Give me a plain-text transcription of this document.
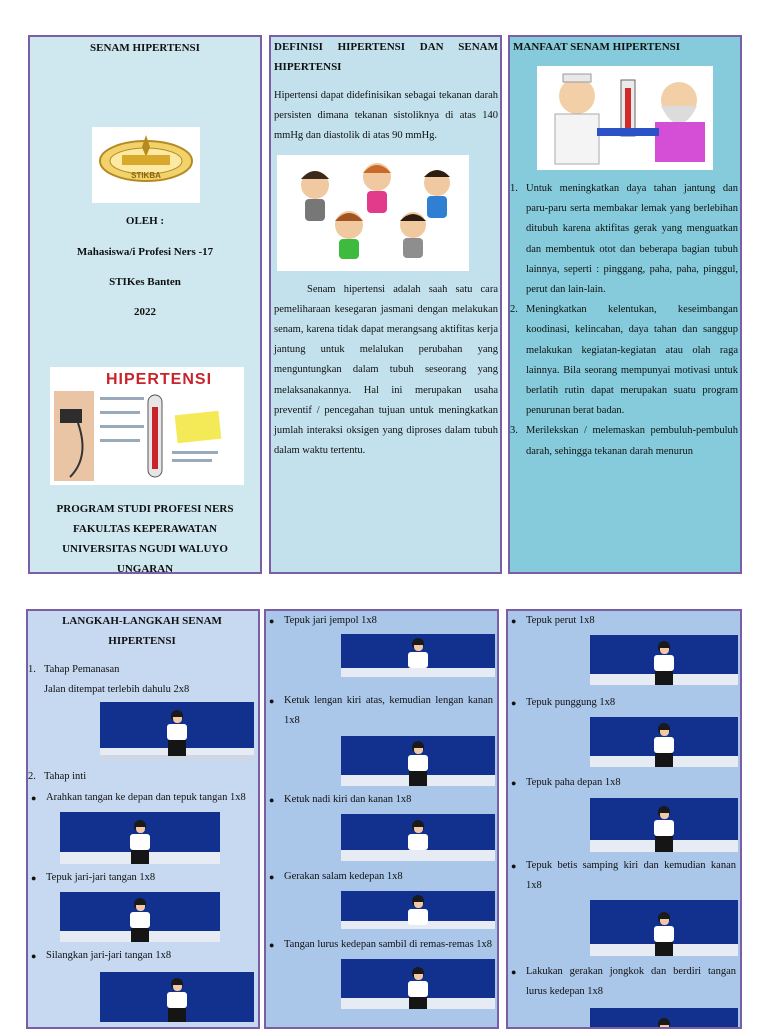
SENAM HIPERTENSI
STIKBA
OLEH :
Mahasiswa/i Profesi Ners -17
STIKes Banten
2022
HIPERTENSI
PROGRAM STUDI PROFESI NERS
FAKULTAS KEPERAWATAN
UNIVERSITAS NGUDI WALUYO
UNGARAN
DEFINISI HIPERTENSI DAN SENAM HIPERTENSI

Hipertensi dapat didefinisikan sebagai tekanan darah persisten dimana tekanan sistoliknya di atas 140 mmHg dan diastolik di atas 90 mmHg.

Senam hipertensi adalah saah satu cara pemeliharaan kesegaran jasmani dengan melakukan senam, karena tidak dapat merangsang aktifitas kerja jantung untuk melalukan perubahan yang menguntungkan dalam tubuh seseorang yang melaksanakannya. Hal ini merupakan usaha preventif / pencegahan tujuan untuk meningkatkan jumlah interaksi oksigen yang diproses dalam tubuh dalam waktu tertentu.

MANFAAT SENAM HIPERTENSI
1. Untuk meningkatkan daya tahan jantung dan paru-paru serta membakar lemak yang berlebihan ditubuh karena aktifitas gerak yang menguatkan dan membentuk otot dan beberapa bagian tubuh lainnya, seperti : pinggang, paha, paha, pinggul, perut dan lain-lain.
2. Meningkatkan kelentukan, keseimbangan koodinasi, kelincahan, daya tahan dan sanggup melakukan kegiatan-kegiatan atau olah raga lainnya. Bila seorang mempunyai motivasi untuk berlatih rutin dapat merupakan suatu program penurunan berat badan.
3. Merilekskan / melemaskan pembuluh-pembuluh darah, sehingga tekanan darah menurun
LANGKAH-LANGKAH SENAM HIPERTENSI
1. Tahap Pemanasan
Jalan ditempat terlebih dahulu 2x8
2. Tahap inti
● Arahkan tangan ke depan dan tepuk tangan 1x8
● Tepuk jari-jari tangan 1x8
● Silangkan jari-jari tangan 1x8
● Tepuk jari jempol 1x8
● Ketuk lengan kiri atas, kemudian lengan kanan 1x8
● Ketuk nadi kiri dan kanan 1x8
● Gerakan salam kedepan 1x8
● Tangan lurus kedepan sambil di remas-remas 1x8
● Tepuk perut 1x8
● Tepuk punggung 1x8
● Tepuk paha depan 1x8
● Tepuk betis samping kiri dan kemudian kanan 1x8
● Lakukan gerakan jongkok dan berdiri tangan lurus kedepan 1x8
